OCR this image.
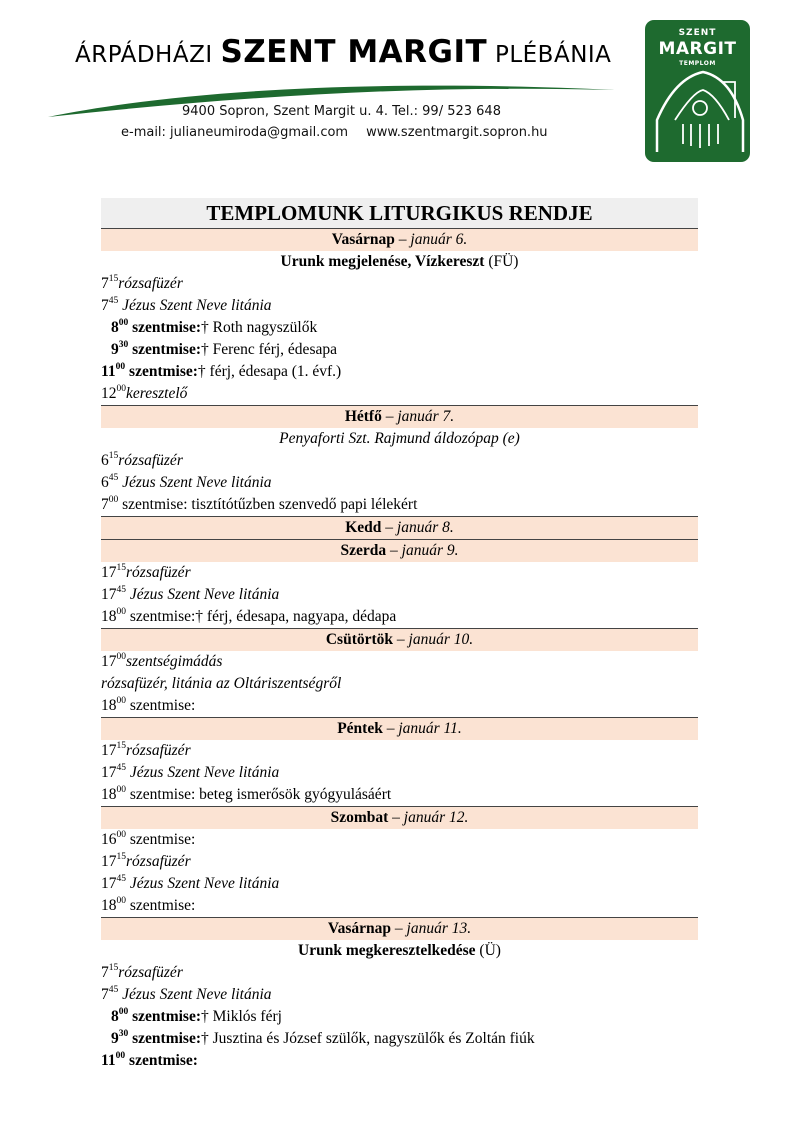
ÁRPÁDHÁZI SZENT MARGIT PLÉBÁNIA
9400 Sopron, Szent Margit u. 4. Tel.: 99/ 523 648
e-mail: julianeumiroda@gmail.com www.szentmargit.sopron.hu
SZENT
MARGIT
TEMPLOM
TEMPLOMUNK LITURGIKUS RENDJE
Vasárnap – január 6.
Urunk megjelenése, Vízkereszt (FÜ)
$7^{15}rózsafüzér$
$7^{45}$ Jézus Szent Neve litánia
$8^{00}$ szentmise:† Roth nagyszülők
$9^{30}$ szentmise:† Ferenc férj, édesapa
$11^{00}$ szentmise:† férj, édesapa (1. évf.)
$12^{00}keresztelő$
Hétfő – január 7.
Penyaforti Szt. Rajmund áldozópap (e)
$6^{15}rózsafüzér$
$6^{45}$ Jézus Szent Neve litánia
$7^{00}$ szentmise: tisztítótűzben szenvedő papi lélekért
Kedd – január 8.
Szerda – január 9.
$17^{15}rózsafüzér$
$17^{45}$ Jézus Szent Neve litánia
$18^{00}$ szentmise:† férj, édesapa, nagyapa, dédapa
Csütörtök – január 10.
$17^{00}szentségimádás$
rózsafüzér, litánia az Oltáriszentségről
$18^{00}$ szentmise:
Péntek – január 11.
$17^{15}rózsafüzér$
$17^{45}$ Jézus Szent Neve litánia
$18^{00}$ szentmise: beteg ismerősök gyógyulásáért
Szombat – január 12.
$16^{00}$ szentmise:
$17^{15}rózsafüzér$
$17^{45}$ Jézus Szent Neve litánia
$18^{00}$ szentmise:
Vasárnap – január 13.
Urunk megkeresztelkedése (Ü)
$7^{15}rózsafüzér$
$7^{45}$ Jézus Szent Neve litánia
$8^{00}$ szentmise:† Miklós férj
$9^{30}$ szentmise:† Jusztina és József szülők, nagyszülők és Zoltán fiúk
$11^{00}$ szentmise:
